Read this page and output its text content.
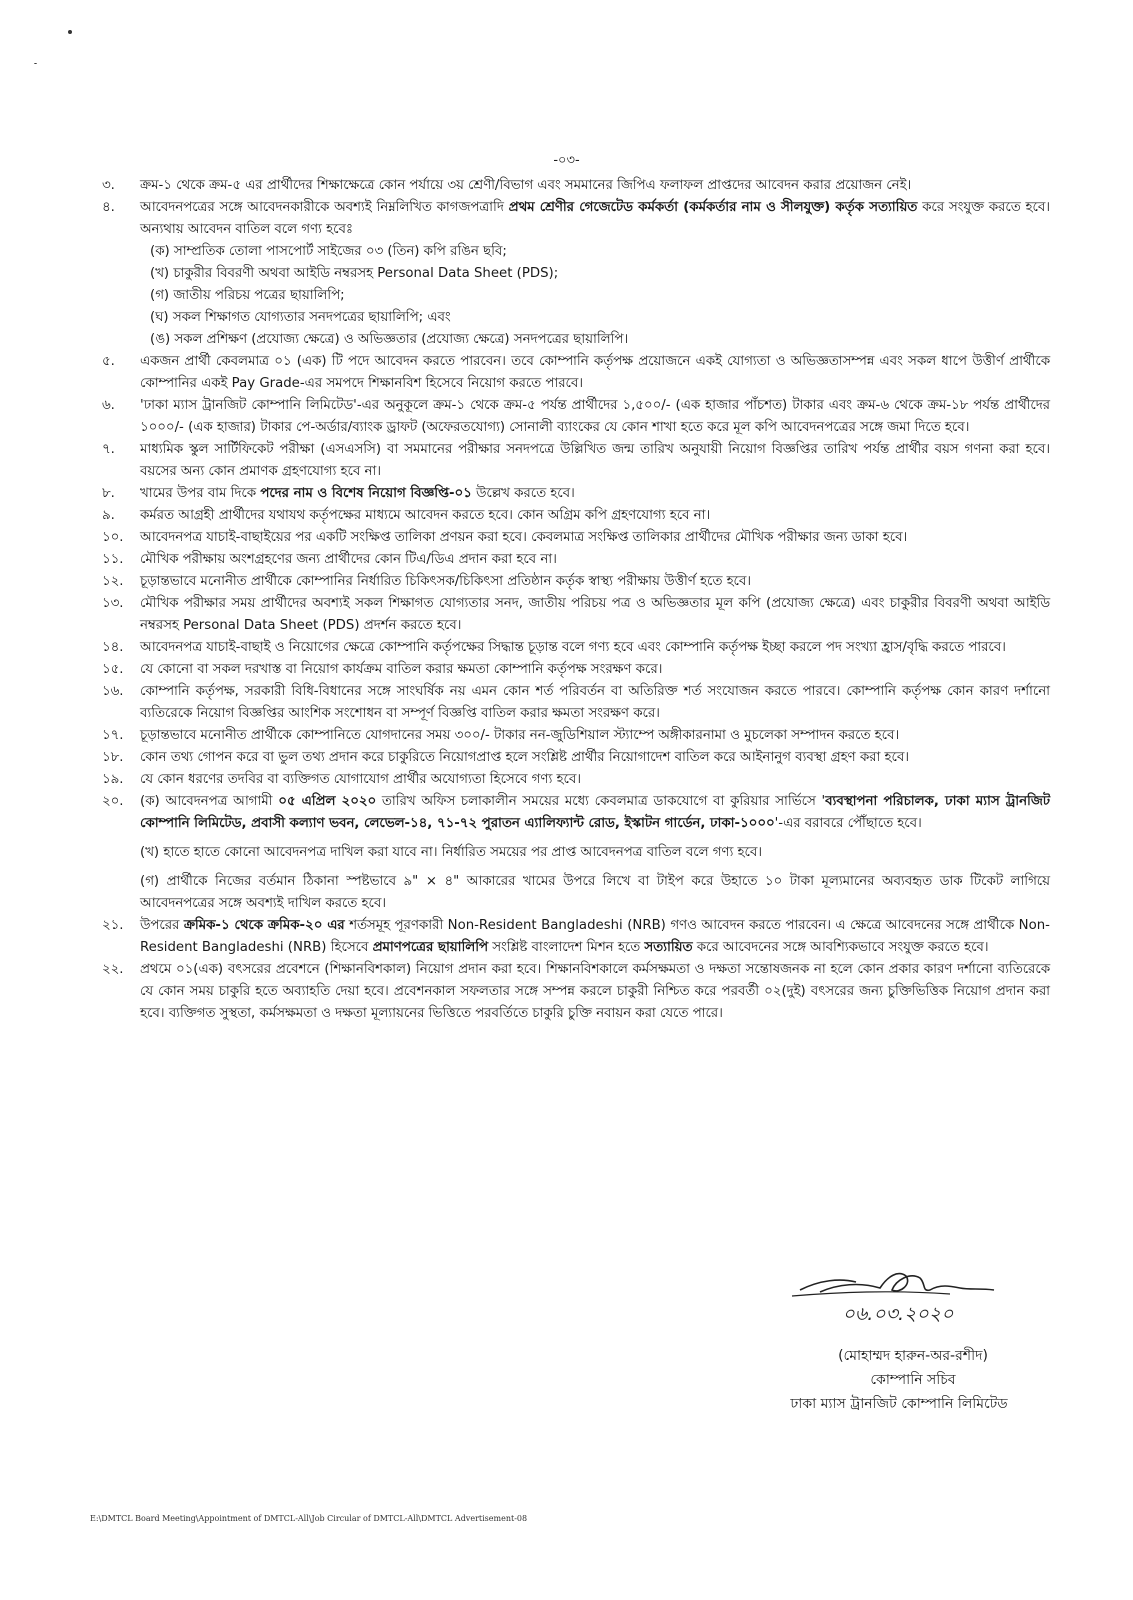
-০৩-
৩.	ক্রম-১ থেকে ক্রম-৫ এর প্রার্থীদের শিক্ষাক্ষেত্রে কোন পর্যায়ে ৩য় শ্রেণী/বিভাগ এবং সমমানের জিপিএ ফলাফল প্রাপ্তদের আবেদন করার প্রয়োজন নেই।
৪.	আবেদনপত্রের সঙ্গে আবেদনকারীকে অবশ্যই নিম্নলিখিত কাগজপত্রাদি প্রথম শ্রেণীর গেজেটেড কর্মকর্তা (কর্মকর্তার নাম ও সীলযুক্ত) কর্তৃক সত্যায়িত করে সংযুক্ত করতে হবে। অন্যথায় আবেদন বাতিল বলে গণ্য হবেঃ
(ক) সাম্প্রতিক তোলা পাসপোর্ট সাইজের ০৩ (তিন) কপি রঙিন ছবি;
(খ) চাকুরীর বিবরণী অথবা আইডি নম্বরসহ Personal Data Sheet (PDS);
(গ) জাতীয় পরিচয় পত্রের ছায়ালিপি;
(ঘ) সকল শিক্ষাগত যোগ্যতার সনদপত্রের ছায়ালিপি; এবং
(ঙ) সকল প্রশিক্ষণ (প্রযোজ্য ক্ষেত্রে) ও অভিজ্ঞতার (প্রযোজ্য ক্ষেত্রে) সনদপত্রের ছায়ালিপি।
৫.	একজন প্রার্থী কেবলমাত্র ০১ (এক) টি পদে আবেদন করতে পারবেন। তবে কোম্পানি কর্তৃপক্ষ প্রয়োজনে একই যোগ্যতা ও অভিজ্ঞতাসম্পন্ন এবং সকল ধাপে উত্তীর্ণ প্রার্থীকে কোম্পানির একই Pay Grade-এর সমপদে শিক্ষানবিশ হিসেবে নিয়োগ করতে পারবে।
৬.	'ঢাকা ম্যাস ট্রানজিট কোম্পানি লিমিটেড'-এর অনুকূলে ক্রম-১ থেকে ক্রম-৫ পর্যন্ত প্রার্থীদের ১,৫০০/- (এক হাজার পাঁচশত) টাকার এবং ক্রম-৬ থেকে ক্রম-১৮ পর্যন্ত প্রার্থীদের ১০০০/- (এক হাজার) টাকার পে-অর্ডার/ব্যাংক ড্রাফট (অফেরতযোগ্য) সোনালী ব্যাংকের যে কোন শাখা হতে করে মূল কপি আবেদনপত্রের সঙ্গে জমা দিতে হবে।
৭.	মাধ্যমিক স্কুল সার্টিফিকেট পরীক্ষা (এসএসসি) বা সমমানের পরীক্ষার সনদপত্রে উল্লিখিত জন্ম তারিখ অনুযায়ী নিয়োগ বিজ্ঞপ্তির তারিখ পর্যন্ত প্রার্থীর বয়স গণনা করা হবে। বয়সের অন্য কোন প্রমাণক গ্রহণযোগ্য হবে না।
৮.	খামের উপর বাম দিকে পদের নাম ও বিশেষ নিয়োগ বিজ্ঞপ্তি-০১ উল্লেখ করতে হবে।
৯.	কর্মরত আগ্রহী প্রার্থীদের যথাযথ কর্তৃপক্ষের মাধ্যমে আবেদন করতে হবে। কোন অগ্রিম কপি গ্রহণযোগ্য হবে না।
১০.	আবেদনপত্র যাচাই-বাছাইয়ের পর একটি সংক্ষিপ্ত তালিকা প্রণয়ন করা হবে। কেবলমাত্র সংক্ষিপ্ত তালিকার প্রার্থীদের মৌখিক পরীক্ষার জন্য ডাকা হবে।
১১.	মৌখিক পরীক্ষায় অংশগ্রহণের জন্য প্রার্থীদের কোন টিএ/ডিএ প্রদান করা হবে না।
১২.	চূড়ান্তভাবে মনোনীত প্রার্থীকে কোম্পানির নির্ধারিত চিকিৎসক/চিকিৎসা প্রতিষ্ঠান কর্তৃক স্বাস্থ্য পরীক্ষায় উত্তীর্ণ হতে হবে।
১৩.	মৌখিক পরীক্ষার সময় প্রার্থীদের অবশ্যই সকল শিক্ষাগত যোগ্যতার সনদ, জাতীয় পরিচয় পত্র ও অভিজ্ঞতার মূল কপি (প্রযোজ্য ক্ষেত্রে) এবং চাকুরীর বিবরণী অথবা আইডি নম্বরসহ Personal Data Sheet (PDS) প্রদর্শন করতে হবে।
১৪.	আবেদনপত্র যাচাই-বাছাই ও নিয়োগের ক্ষেত্রে কোম্পানি কর্তৃপক্ষের সিদ্ধান্ত চূড়ান্ত বলে গণ্য হবে এবং কোম্পানি কর্তৃপক্ষ ইচ্ছা করলে পদ সংখ্যা হ্রাস/বৃদ্ধি করতে পারবে।
১৫.	যে কোনো বা সকল দরখাস্ত বা নিয়োগ কার্যক্রম বাতিল করার ক্ষমতা কোম্পানি কর্তৃপক্ষ সংরক্ষণ করে।
১৬.	কোম্পানি কর্তৃপক্ষ, সরকারী বিধি-বিধানের সঙ্গে সাংঘর্ষিক নয় এমন কোন শর্ত পরিবর্তন বা অতিরিক্ত শর্ত সংযোজন করতে পারবে। কোম্পানি কর্তৃপক্ষ কোন কারণ দর্শানো ব্যতিরেকে নিয়োগ বিজ্ঞপ্তির আংশিক সংশোধন বা সম্পূর্ণ বিজ্ঞপ্তি বাতিল করার ক্ষমতা সংরক্ষণ করে।
১৭.	চূড়ান্তভাবে মনোনীত প্রার্থীকে কোম্পানিতে যোগদানের সময় ৩০০/- টাকার নন-জুডিশিয়াল স্ট্যাম্পে অঙ্গীকারনামা ও মুচলেকা সম্পাদন করতে হবে।
১৮.	কোন তথ্য গোপন করে বা ভুল তথ্য প্রদান করে চাকুরিতে নিয়োগপ্রাপ্ত হলে সংশ্লিষ্ট প্রার্থীর নিয়োগাদেশ বাতিল করে আইনানুগ ব্যবস্থা গ্রহণ করা হবে।
১৯.	যে কোন ধরণের তদবির বা ব্যক্তিগত যোগাযোগ প্রার্থীর অযোগ্যতা হিসেবে গণ্য হবে।
২০.	(ক) আবেদনপত্র আগামী ০৫ এপ্রিল ২০২০ তারিখ অফিস চলাকালীন সময়ের মধ্যে কেবলমাত্র ডাকযোগে বা কুরিয়ার সার্ভিসে 'ব্যবস্থাপনা পরিচালক, ঢাকা ম্যাস ট্রানজিট কোম্পানি লিমিটেড, প্রবাসী কল্যাণ ভবন, লেভেল-১৪, ৭১-৭২ পুরাতন এ্যালিফ্যান্ট রোড, ইস্কাটন গার্ডেন, ঢাকা-১০০০'-এর বরাবরে পৌঁছাতে হবে।
(খ) হাতে হাতে কোনো আবেদনপত্র দাখিল করা যাবে না। নির্ধারিত সময়ের পর প্রাপ্ত আবেদনপত্র বাতিল বলে গণ্য হবে।
(গ) প্রার্থীকে নিজের বর্তমান ঠিকানা স্পষ্টভাবে ৯" × ৪" আকারের খামের উপরে লিখে বা টাইপ করে উহাতে ১০ টাকা মূল্যমানের অব্যবহৃত ডাক টিকেট লাগিয়ে আবেদনপত্রের সঙ্গে অবশ্যই দাখিল করতে হবে।
২১.	উপরের ক্রমিক-১ থেকে ক্রমিক-২০ এর শর্তসমূহ পূরণকারী Non-Resident Bangladeshi (NRB) গণও আবেদন করতে পারবেন। এ ক্ষেত্রে আবেদনের সঙ্গে প্রার্থীকে Non-Resident Bangladeshi (NRB) হিসেবে প্রমাণপত্রের ছায়ালিপি সংশ্লিষ্ট বাংলাদেশ মিশন হতে সত্যায়িত করে আবেদনের সঙ্গে আবশ্যিকভাবে সংযুক্ত করতে হবে।
২২.	প্রথমে ০১(এক) বৎসরের প্রবেশনে (শিক্ষানবিশকাল) নিয়োগ প্রদান করা হবে। শিক্ষানবিশকালে কর্মসক্ষমতা ও দক্ষতা সন্তোষজনক না হলে কোন প্রকার কারণ দর্শানো ব্যতিরেকে যে কোন সময় চাকুরি হতে অব্যাহতি দেয়া হবে। প্রবেশনকাল সফলতার সঙ্গে সম্পন্ন করলে চাকুরী নিশ্চিত করে পরবর্তী ০২(দুই) বৎসরের জন্য চুক্তিভিত্তিক নিয়োগ প্রদান করা হবে। ব্যক্তিগত সুস্থতা, কর্মসক্ষমতা ও দক্ষতা মূল্যায়নের ভিত্তিতে পরবর্তিতে চাকুরি চুক্তি নবায়ন করা যেতে পারে।
০৬.০৩.২০২০
(মোহাম্মদ হারুন-অর-রশীদ)
কোম্পানি সচিব
ঢাকা ম্যাস ট্রানজিট কোম্পানি লিমিটেড
E:\DMTCL Board Meeting\Appointment of DMTCL-All\Job Circular of DMTCL-All\DMTCL Advertisement-08
